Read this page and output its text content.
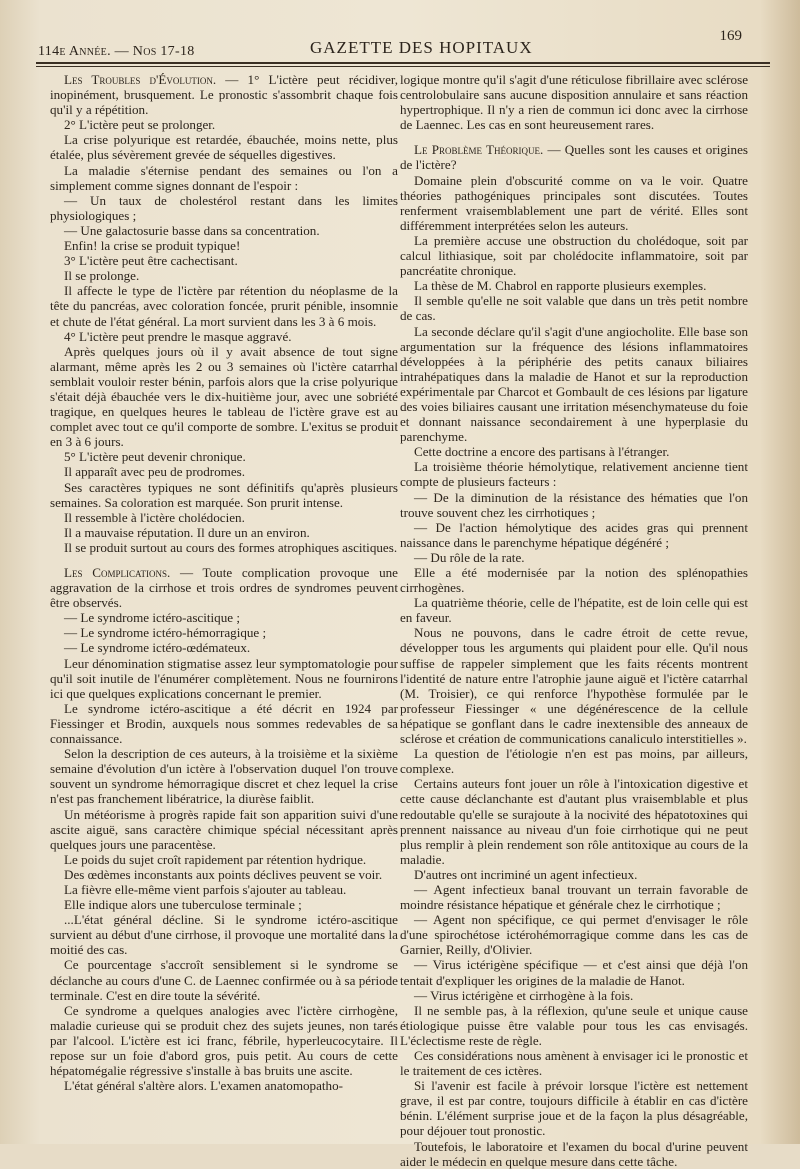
114e Année. — Nos 17-18	GAZETTE DES HOPITAUX
169

Les Troubles d'Évolution. — 1° L'ictère peut récidiver, inopinément, brusquement. Le pronostic s'assombrit chaque fois qu'il y a répétition.

2° L'ictère peut se prolonger.

La crise polyurique est retardée, ébauchée, moins nette, plus étalée, plus sévèrement grevée de séquelles digestives.

La maladie s'éternise pendant des semaines ou l'on a simplement comme signes donnant de l'espoir :

— Un taux de cholestérol restant dans les limites physiologiques ;

— Une galactosurie basse dans sa concentration.

Enfin! la crise se produit typique!

3° L'ictère peut être cachectisant.

Il se prolonge.

Il affecte le type de l'ictère par rétention du néoplasme de la tête du pancréas, avec coloration foncée, prurit pénible, insomnie et chute de l'état général. La mort survient dans les 3 à 6 mois.

4° L'ictère peut prendre le masque aggravé.

Après quelques jours où il y avait absence de tout signe alarmant, même après les 2 ou 3 semaines où l'ictère catarrhal semblait vouloir rester bénin, parfois alors que la crise polyurique s'était déjà ébauchée vers le dix-huitième jour, avec une sobriété tragique, en quelques heures le tableau de l'ictère grave est au complet avec tout ce qu'il comporte de sombre. L'exitus se produit en 3 à 6 jours.

5° L'ictère peut devenir chronique.

Il apparaît avec peu de prodromes.

Ses caractères typiques ne sont définitifs qu'après plusieurs semaines. Sa coloration est marquée. Son prurit intense.

Il ressemble à l'ictère cholédocien.

Il a mauvaise réputation. Il dure un an environ.

Il se produit surtout au cours des formes atrophiques ascitiques.

Les Complications. — Toute complication provoque une aggravation de la cirrhose et trois ordres de syndromes peuvent être observés.

— Le syndrome ictéro-ascitique ;

— Le syndrome ictéro-hémorragique ;

— Le syndrome ictéro-œdémateux.

Leur dénomination stigmatise assez leur symptomatologie pour qu'il soit inutile de l'énumérer complètement. Nous ne fournirons ici que quelques explications concernant le premier.

Le syndrome ictéro-ascitique a été décrit en 1924 par Fiessinger et Brodin, auxquels nous sommes redevables de sa connaissance.

Selon la description de ces auteurs, à la troisième et la sixième semaine d'évolution d'un ictère à l'observation duquel l'on trouve souvent un syndrome hémorragique discret et chez lequel la crise n'est pas franchement libératrice, la diurèse faiblit.

Un météorisme à progrès rapide fait son apparition suivi d'une ascite aiguë, sans caractère chimique spécial nécessitant après quelques jours une paracentèse.

Le poids du sujet croît rapidement par rétention hydrique.

Des œdèmes inconstants aux points déclives peuvent se voir.

La fièvre elle-même vient parfois s'ajouter au tableau.

Elle indique alors une tuberculose terminale ;

...L'état général décline. Si le syndrome ictéro-ascitique survient au début d'une cirrhose, il provoque une mortalité dans la moitié des cas.

Ce pourcentage s'accroît sensiblement si le syndrome se déclanche au cours d'une C. de Laennec confirmée ou à sa période terminale. C'est en dire toute la sévérité.

Ce syndrome a quelques analogies avec l'ictère cirrhogène, maladie curieuse qui se produit chez des sujets jeunes, non tarés par l'alcool. L'ictère est ici franc, fébrile, hyperleucocytaire. Il repose sur un foie d'abord gros, puis petit. Au cours de cette hépatomégalie régressive s'installe à bas bruits une ascite.

L'état général s'altère alors. L'examen anatomopatho-

logique montre qu'il s'agit d'une réticulose fibrillaire avec sclérose centrolobulaire sans aucune disposition annulaire et sans réaction hypertrophique. Il n'y a rien de commun ici donc avec la cirrhose de Laennec. Les cas en sont heureusement rares.

Le Problème Théorique. — Quelles sont les causes et origines de l'ictère?

Domaine plein d'obscurité comme on va le voir. Quatre théories pathogéniques principales sont discutées. Toutes renferment vraisemblablement une part de vérité. Elles sont différemment interprétées selon les auteurs.

La première accuse une obstruction du cholédoque, soit par calcul lithiasique, soit par cholédocite inflammatoire, soit par pancréatite chronique.

La thèse de M. Chabrol en rapporte plusieurs exemples.

Il semble qu'elle ne soit valable que dans un très petit nombre de cas.

La seconde déclare qu'il s'agit d'une angiocholite. Elle base son argumentation sur la fréquence des lésions inflammatoires développées à la périphérie des petits canaux biliaires intrahépatiques dans la maladie de Hanot et sur la reproduction expérimentale par Charcot et Gombault de ces lésions par ligature des voies biliaires causant une irritation mésenchymateuse du foie et donnant naissance secondairement à une hyperplasie du parenchyme.

Cette doctrine a encore des partisans à l'étranger.

La troisième théorie hémolytique, relativement ancienne tient compte de plusieurs facteurs :

— De la diminution de la résistance des hématies que l'on trouve souvent chez les cirrhotiques ;

— De l'action hémolytique des acides gras qui prennent naissance dans le parenchyme hépatique dégénéré ;

— Du rôle de la rate.

Elle a été modernisée par la notion des splénopathies cirrhogènes.

La quatrième théorie, celle de l'hépatite, est de loin celle qui est en faveur.

Nous ne pouvons, dans le cadre étroit de cette revue, développer tous les arguments qui plaident pour elle. Qu'il nous suffise de rappeler simplement que les faits récents montrent l'identité de nature entre l'atrophie jaune aiguë et l'ictère catarrhal (M. Troisier), ce qui renforce l'hypothèse formulée par le professeur Fiessinger « une dégénérescence de la cellule hépatique se gonflant dans le cadre inextensible des anneaux de sclérose et création de communications canaliculo interstitielles ».

La question de l'étiologie n'en est pas moins, par ailleurs, complexe.

Certains auteurs font jouer un rôle à l'intoxication digestive et cette cause déclanchante est d'autant plus vraisemblable et plus redoutable qu'elle se surajoute à la nocivité des hépatotoxines qui prennent naissance au niveau d'un foie cirrhotique qui ne peut plus remplir à plein rendement son rôle antitoxique au cours de la maladie.

D'autres ont incriminé un agent infectieux.

— Agent infectieux banal trouvant un terrain favorable de moindre résistance hépatique et générale chez le cirrhotique ;

— Agent non spécifique, ce qui permet d'envisager le rôle d'une spirochétose ictérohémorragique comme dans les cas de Garnier, Reilly, d'Olivier.

— Virus ictérigène spécifique — et c'est ainsi que déjà l'on tentait d'expliquer les origines de la maladie de Hanot.

— Virus ictérigène et cirrhogène à la fois.

Il ne semble pas, à la réflexion, qu'une seule et unique cause étiologique puisse être valable pour tous les cas envisagés. L'éclectisme reste de règle.

Ces considérations nous amènent à envisager ici le pronostic et le traitement de ces ictères.

Si l'avenir est facile à prévoir lorsque l'ictère est nettement grave, il est par contre, toujours difficile à établir en cas d'ictère bénin. L'élément surprise joue et de la façon la plus désagréable, pour déjouer tout pronostic.

Toutefois, le laboratoire et l'examen du bocal d'urine peuvent aider le médecin en quelque mesure dans cette tâche.
